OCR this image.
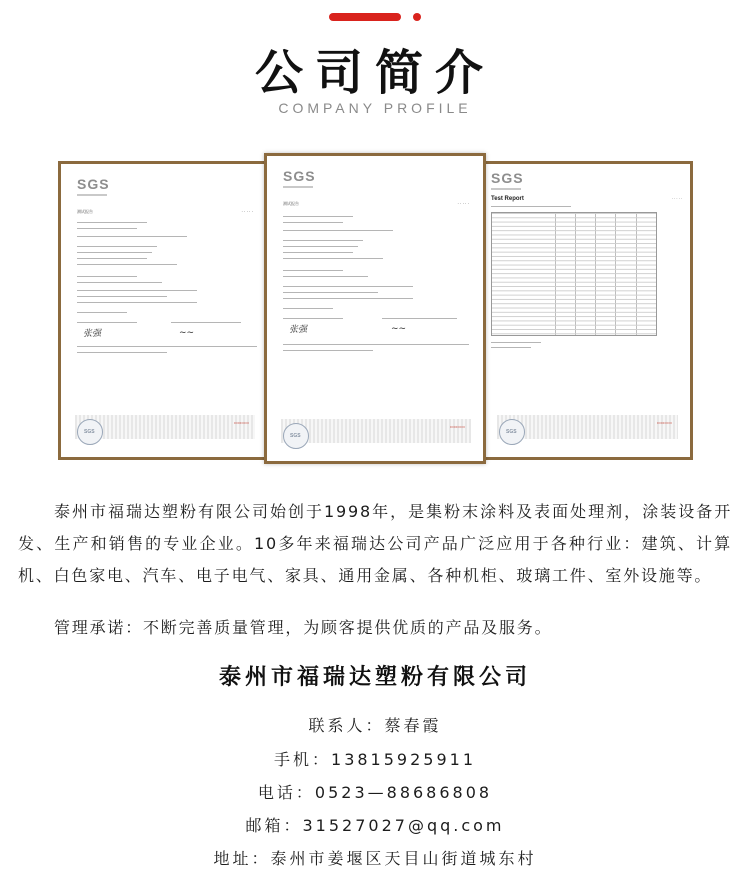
公司简介
COMPANY PROFILE
SGS
测试报告	· · · · ·
张强	~~
SGS
▭▭▭▭
SGS
Test Report	· · · · ·
SGS
▭▭▭▭
SGS
测试报告	· · · · ·
张强	~~
SGS
▭▭▭▭

泰州市福瑞达塑粉有限公司始创于1998年，是集粉末涂料及表面处理剂，涂装设备开发、生产和销售的专业企业。10多年来福瑞达公司产品广泛应用于各种行业：建筑、计算机、白色家电、汽车、电子电气、家具、通用金属、各种机柜、玻璃工件、室外设施等。

管理承诺：不断完善质量管理，为顾客提供优质的产品及服务。

泰州市福瑞达塑粉有限公司
联系人：蔡春霞
手机：13815925911
电话：0523—88686808
邮箱：31527027@qq.com
地址：泰州市姜堰区天目山街道城东村
